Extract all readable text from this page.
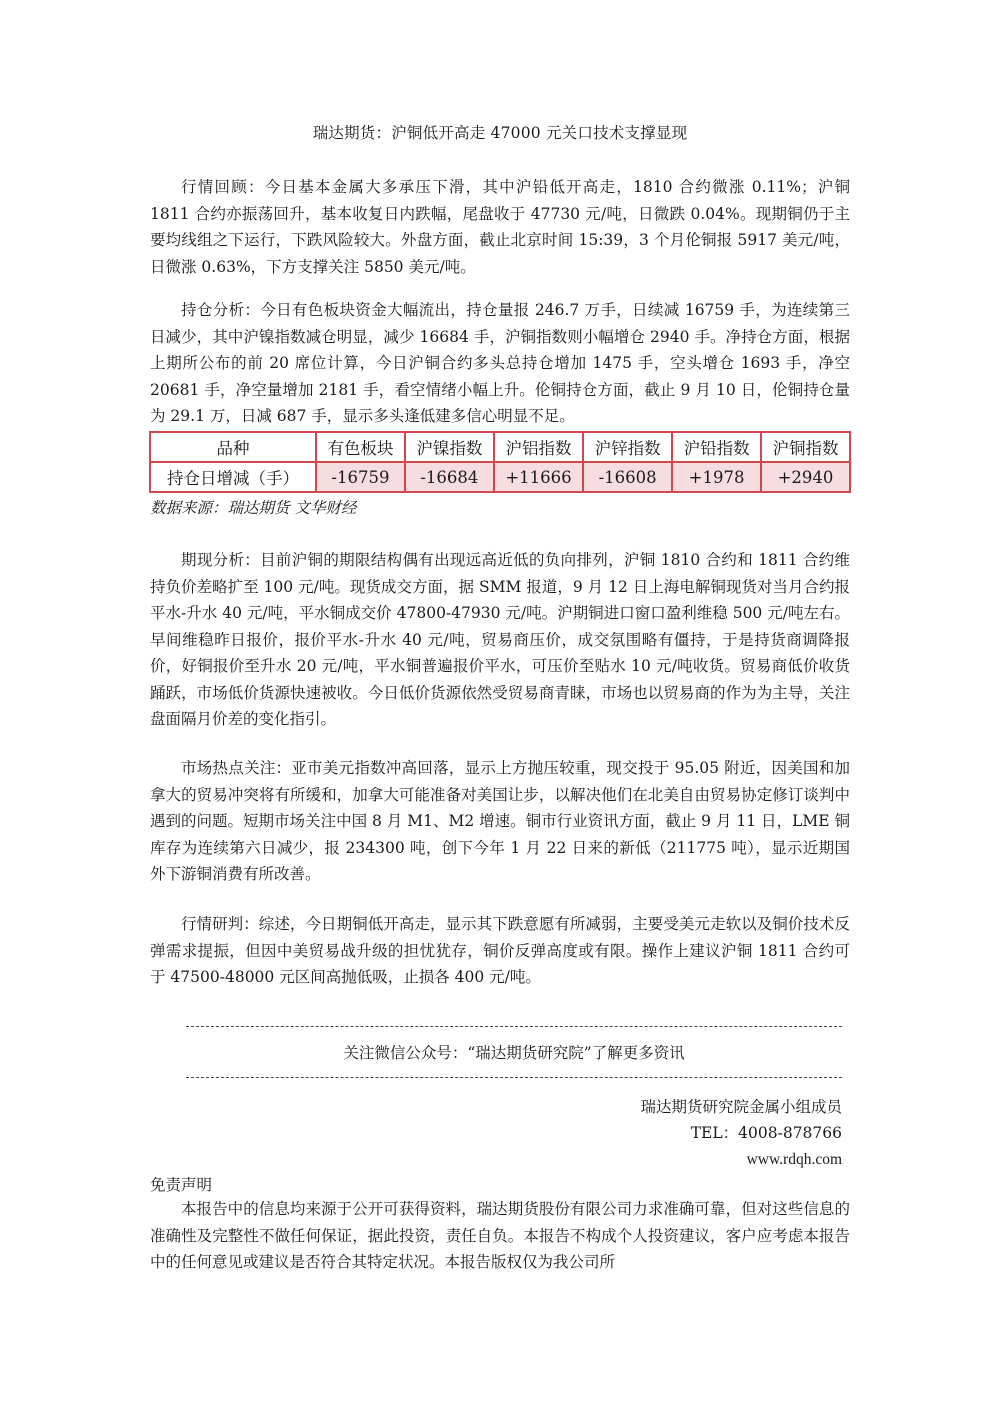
瑞达期货：沪铜低开高走 47000 元关口技术支撑显现

行情回顾：今日基本金属大多承压下滑，其中沪铅低开高走，1810 合约微涨 0.11%；沪铜 1811 合约亦振荡回升，基本收复日内跌幅，尾盘收于 47730 元/吨，日微跌 0.04%。现期铜仍于主要均线组之下运行，下跌风险较大。外盘方面，截止北京时间 15:39，3 个月伦铜报 5917 美元/吨，日微涨 0.63%，下方支撑关注 5850 美元/吨。

持仓分析：今日有色板块资金大幅流出，持仓量报 246.7 万手，日续减 16759 手，为连续第三日减少，其中沪镍指数减仓明显，减少 16684 手，沪铜指数则小幅增仓 2940 手。净持仓方面，根据上期所公布的前 20 席位计算，今日沪铜合约多头总持仓增加 1475 手，空头增仓 1693 手，净空 20681 手，净空量增加 2181 手，看空情绪小幅上升。伦铜持仓方面，截止 9 月 10 日，伦铜持仓量为 29.1 万，日减 687 手，显示多头逢低建多信心明显不足。

品种	有色板块	沪镍指数	沪铝指数	沪锌指数	沪铅指数	沪铜指数
持仓日增减（手）	-16759	-16684	+11666	-16608	+1978	+2940
数据来源：瑞达期货 文华财经

期现分析：目前沪铜的期限结构偶有出现远高近低的负向排列，沪铜 1810 合约和 1811 合约维持负价差略扩至 100 元/吨。现货成交方面，据 SMM 报道，9 月 12 日上海电解铜现货对当月合约报平水-升水 40 元/吨，平水铜成交价 47800-47930 元/吨。沪期铜进口窗口盈利维稳 500 元/吨左右。早间维稳昨日报价，报价平水-升水 40 元/吨，贸易商压价，成交氛围略有僵持，于是持货商调降报价，好铜报价至升水 20 元/吨，平水铜普遍报价平水，可压价至贴水 10 元/吨收货。贸易商低价收货踊跃，市场低价货源快速被收。今日低价货源依然受贸易商青睐，市场也以贸易商的作为为主导，关注盘面隔月价差的变化指引。

市场热点关注：亚市美元指数冲高回落，显示上方抛压较重，现交投于 95.05 附近，因美国和加拿大的贸易冲突将有所缓和，加拿大可能准备对美国让步，以解决他们在北美自由贸易协定修订谈判中遇到的问题。短期市场关注中国 8 月 M1、M2 增速。铜市行业资讯方面，截止 9 月 11 日，LME 铜库存为连续第六日减少，报 234300 吨，创下今年 1 月 22 日来的新低（211775 吨），显示近期国外下游铜消费有所改善。

行情研判：综述，今日期铜低开高走，显示其下跌意愿有所减弱，主要受美元走软以及铜价技术反弹需求提振，但因中美贸易战升级的担忧犹存，铜价反弹高度或有限。操作上建议沪铜 1811 合约可于 47500-48000 元区间高抛低吸，止损各 400 元/吨。

关注微信公众号：“瑞达期货研究院”了解更多资讯
瑞达期货研究院金属小组成员
TEL：4008-878766
www.rdqh.com
免责声明

本报告中的信息均来源于公开可获得资料，瑞达期货股份有限公司力求准确可靠，但对这些信息的准确性及完整性不做任何保证，据此投资，责任自负。本报告不构成个人投资建议，客户应考虑本报告中的任何意见或建议是否符合其特定状况。本报告版权仅为我公司所
